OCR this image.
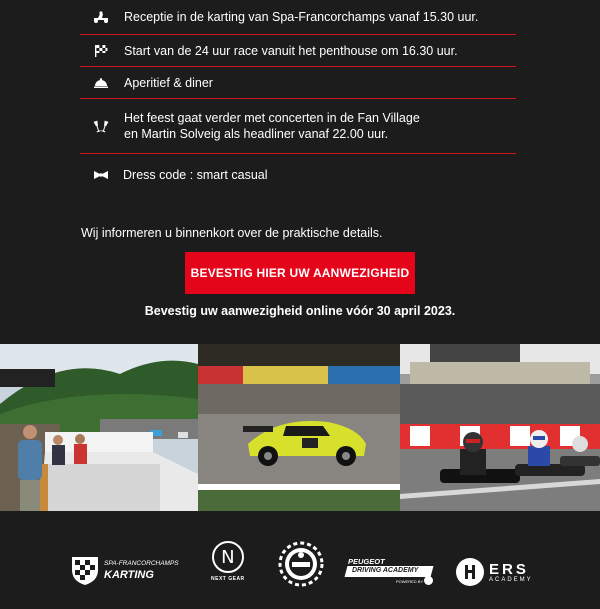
Receptie in de karting van Spa-Francorchamps vanaf 15.30 uur.
Start van de 24 uur race vanuit het penthouse om 16.30 uur.
Aperitief & diner
Het feest gaat verder met concerten in de Fan Village
en Martin Solveig als headliner vanaf 22.00 uur.
Dress code : smart casual
Wij informeren u binnenkort over de praktische details.
BEVESTIG HIER UW AANWEZIGHEID
Bevestig uw aanwezigheid online vóór 30 april 2023.
SPA-FRANCORCHAMPS
KARTING
N
NEXT GEAR
PEUGEOT
DRIVING ACADEMY
POWERED BY
ERS
ACADEMY
